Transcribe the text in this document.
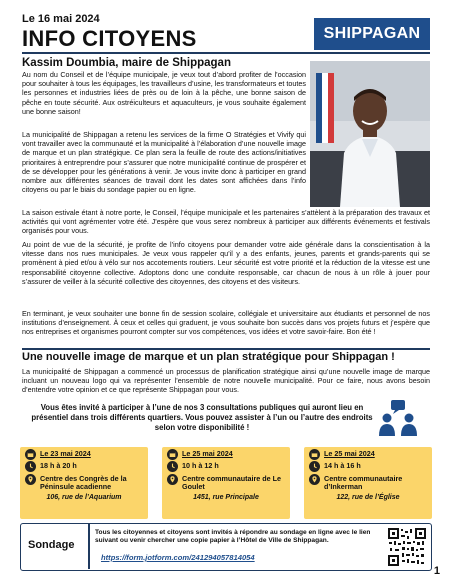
Le 16 mai 2024
INFO CITOYENS	SHIPPAGAN
Kassim Doumbia, maire de Shippagan

Au nom du Conseil et de l’équipe municipale, je veux tout d’abord profiter de l’occasion pour souhaiter à tous les équipages, les travailleurs d’usine, les transformateurs et toutes les personnes et industries liées de près ou de loin à la pêche, une bonne saison de pêche en toute sécurité. Aux ostréiculteurs et aquaculteurs, je vous souhaite également une bonne saison!

La municipalité de Shippagan a retenu les services de la firme O Stratégies et Vivify qui vont travailler avec la communauté et la municipalité à l’élaboration d’une nouvelle image de marque et un plan stratégique. Ce plan sera la feuille de route des actions/initiatives prioritaires à entreprendre pour s’assurer que notre municipalité continue de prospérer et de se développer pour les générations à venir. Je vous invite donc à participer en grand nombre aux différentes séances de travail dont les dates sont affichées dans l’info citoyens ou par le biais du sondage papier ou en ligne.

La saison estivale étant à notre porte, le Conseil, l’équipe municipale et les partenaires s’attèlent à la préparation des travaux et activités qui vont agrémenter votre été. J’espère que vous serez nombreux à participer aux différents événements et festivals organisés pour vous.

Au point de vue de la sécurité, je profite de l’info citoyens pour demander votre aide générale dans la conscientisation à la vitesse dans nos rues municipales. Je veux vous rappeler qu’il y a des enfants, jeunes, parents et grands-parents qui se promènent à pied et/ou à vélo sur nos accotements routiers. Leur sécurité est votre priorité et la réduction de la vitesse est une responsabilité citoyenne collective. Adoptons donc une conduite responsable, car chacun de nous à un rôle à jouer pour s’assurer de veiller à la sécurité collective des citoyennes, des citoyens et des visiteurs.

En terminant, je veux souhaiter une bonne fin de session scolaire, collégiale et universitaire aux étudiants et personnel de nos institutions d’enseignement. À ceux et celles qui graduent, je vous souhaite bon succès dans vos projets futurs et j’espère que nos entreprises et organismes pourront compter sur vos compétences, vos idées et votre savoir-faire. Bon été !

Une nouvelle image de marque et un plan stratégique pour Shippagan !

La municipalité de Shippagan a commencé un processus de planification stratégique ainsi qu’une nouvelle image de marque incluant un nouveau logo qui va représenter l’ensemble de notre nouvelle municipalité. Pour ce faire, nous avons besoin d’entendre votre opinion et ce que représente Shippagan pour vous.

Vous êtes invité à participer à l’une de nos 3 consultations publiques qui auront lieu en présentiel dans trois différents quartiers. Vous pouvez assister à l’un ou l’autre des endroits selon votre disponibilité !
Le 23 mai 2024
18 h à 20 h
Centre des Congrès de la Péninsule acadienne
106, rue de l’Aquarium
Le 25 mai 2024
10 h à 12 h
Centre communautaire de Le Goulet
1451, rue Principale
Le 25 mai 2024
14 h à 16 h
Centre communautaire d’Inkerman
122, rue de l’Église
Sondage
Tous les citoyennes et citoyens sont invités à répondre au sondage en ligne avec le lien suivant ou venir chercher une copie papier à l’Hôtel de Ville de Shippagan.
https://form.jotform.com/241294057814054
1
